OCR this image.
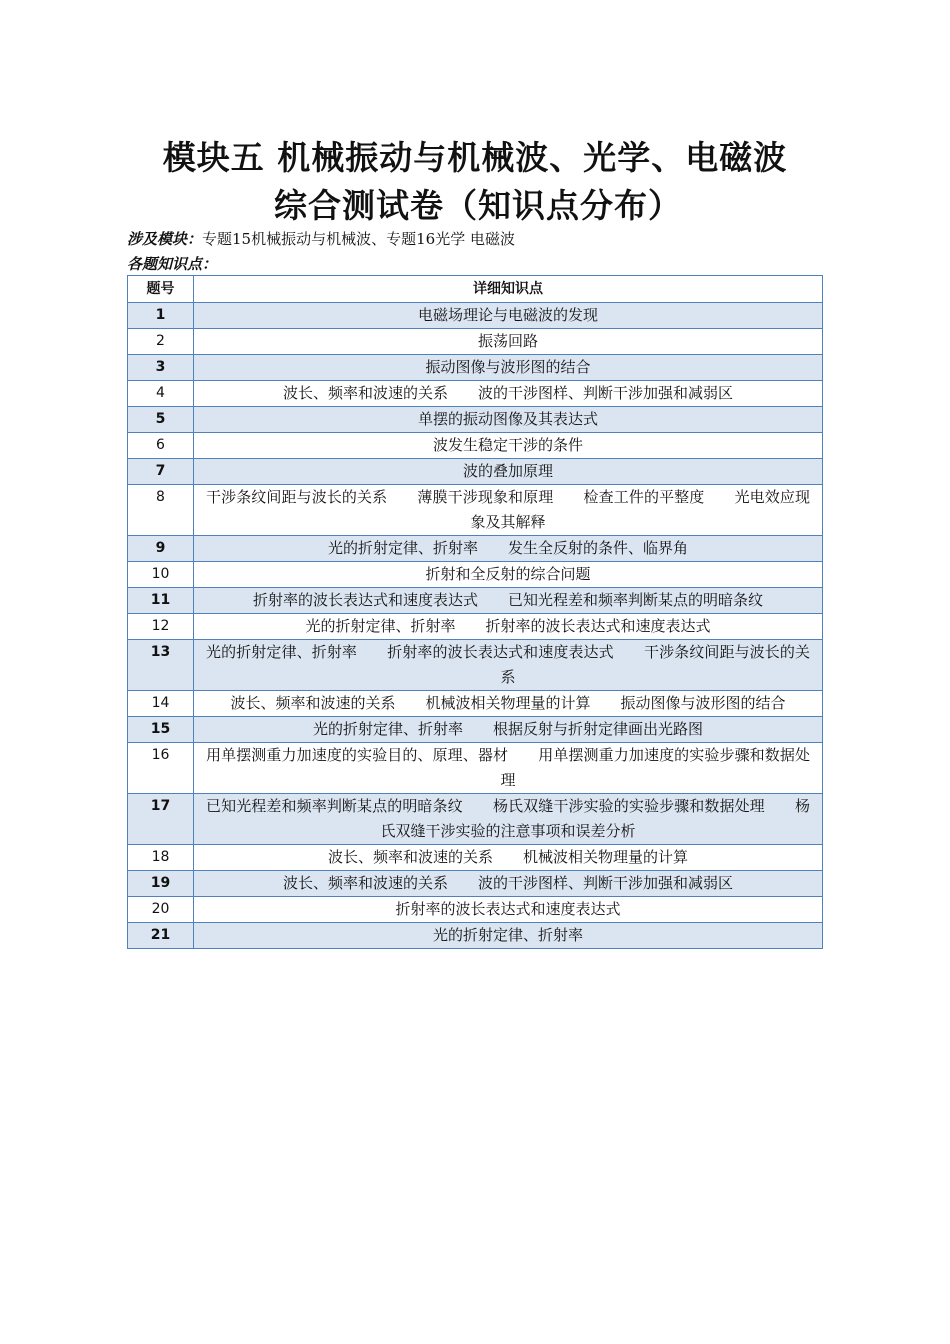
模块五 机械振动与机械波、光学、电磁波
综合测试卷（知识点分布）
涉及模块：专题15机械振动与机械波、专题16光学 电磁波
各题知识点：
题号	详细知识点
1	电磁场理论与电磁波的发现
2	振荡回路
3	振动图像与波形图的结合
4	波长、频率和波速的关系　　波的干涉图样、判断干涉加强和减弱区
5	单摆的振动图像及其表达式
6	波发生稳定干涉的条件
7	波的叠加原理
8	干涉条纹间距与波长的关系　　薄膜干涉现象和原理　　检查工件的平整度　　光电效应现象及其解释
9	光的折射定律、折射率　　发生全反射的条件、临界角
10	折射和全反射的综合问题
11	折射率的波长表达式和速度表达式　　已知光程差和频率判断某点的明暗条纹
12	光的折射定律、折射率　　折射率的波长表达式和速度表达式
13	光的折射定律、折射率　　折射率的波长表达式和速度表达式　　干涉条纹间距与波长的关系
14	波长、频率和波速的关系　　机械波相关物理量的计算　　振动图像与波形图的结合
15	光的折射定律、折射率　　根据反射与折射定律画出光路图
16	用单摆测重力加速度的实验目的、原理、器材　　用单摆测重力加速度的实验步骤和数据处理
17	已知光程差和频率判断某点的明暗条纹　　杨氏双缝干涉实验的实验步骤和数据处理　　杨氏双缝干涉实验的注意事项和误差分析
18	波长、频率和波速的关系　　机械波相关物理量的计算
19	波长、频率和波速的关系　　波的干涉图样、判断干涉加强和减弱区
20	折射率的波长表达式和速度表达式
21	光的折射定律、折射率
